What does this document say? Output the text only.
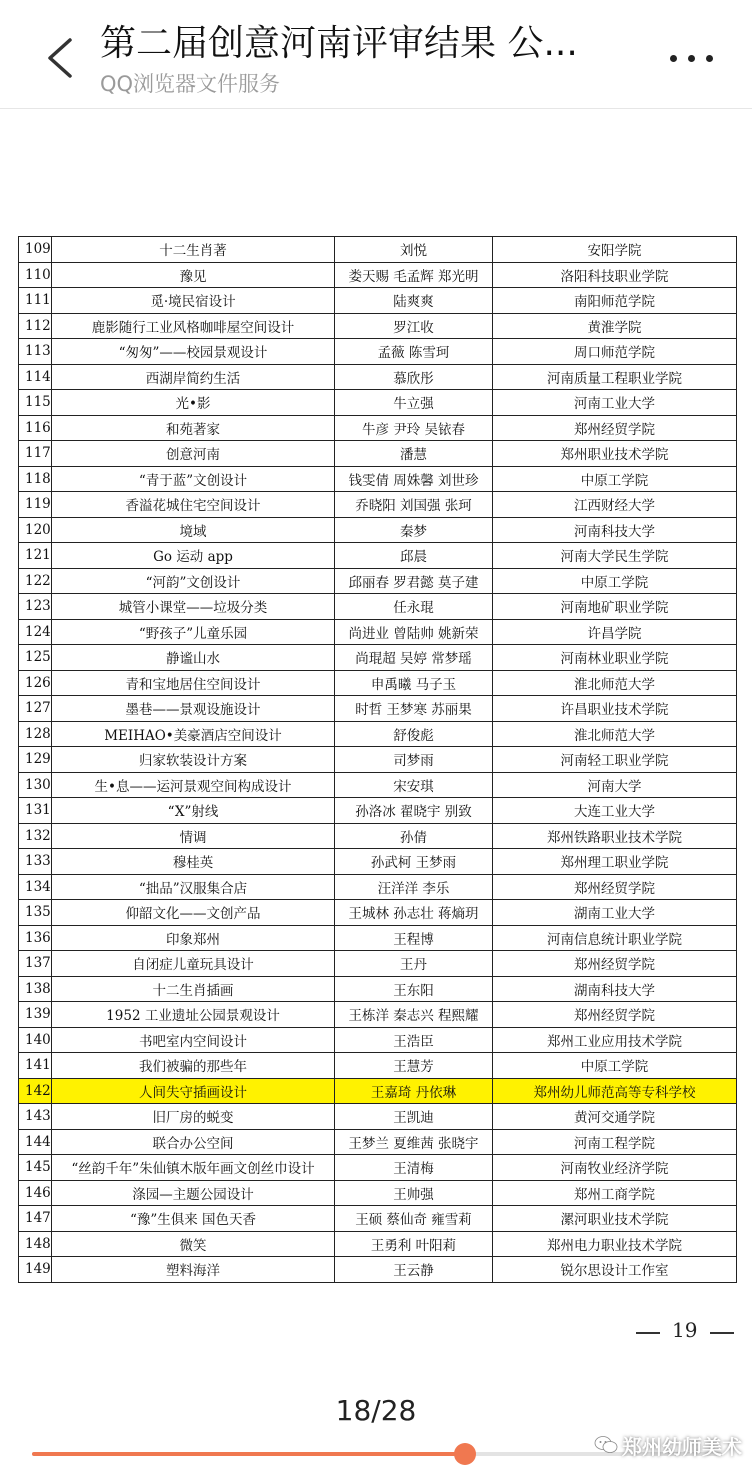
第二届创意河南评审结果 公...
QQ浏览器文件服务
109	十二生肖著	刘悦	安阳学院
110	豫见	娄天赐 毛孟辉 郑光明	洛阳科技职业学院
111	觅·境民宿设计	陆爽爽	南阳师范学院
112	鹿影随行工业风格咖啡屋空间设计	罗江收	黄淮学院
113	“匆匆”——校园景观设计	孟薇 陈雪珂	周口师范学院
114	西湖岸简约生活	慕欣彤	河南质量工程职业学院
115	光•影	牛立强	河南工业大学
116	和苑著家	牛彦 尹玲 吴铱春	郑州经贸学院
117	创意河南	潘慧	郑州职业技术学院
118	“青于蓝”文创设计	钱雯倩 周姝馨 刘世珍	中原工学院
119	香溢花城住宅空间设计	乔晓阳 刘国强 张珂	江西财经大学
120	境域	秦梦	河南科技大学
121	Go 运动 app	邱晨	河南大学民生学院
122	“河韵”文创设计	邱丽春 罗君懿 莫子建	中原工学院
123	城管小课堂——垃圾分类	任永琨	河南地矿职业学院
124	“野孩子”儿童乐园	尚进业 曾陆帅 姚新荣	许昌学院
125	静谧山水	尚琨超 吴婷 常梦瑶	河南林业职业学院
126	青和宝地居住空间设计	申禹曦 马子玉	淮北师范大学
127	墨巷——景观设施设计	时哲 王梦寒 苏丽果	许昌职业技术学院
128	MEIHAO•美豪酒店空间设计	舒俊彪	淮北师范大学
129	归家软装设计方案	司梦雨	河南轻工职业学院
130	生•息——运河景观空间构成设计	宋安琪	河南大学
131	“X”射线	孙洛冰 翟晓宇 别致	大连工业大学
132	情调	孙倩	郑州铁路职业技术学院
133	穆桂英	孙武柯 王梦雨	郑州理工职业学院
134	“拙品”汉服集合店	汪洋洋 李乐	郑州经贸学院
135	仰韶文化——文创产品	王城林 孙志壮 蒋熵玥	湖南工业大学
136	印象郑州	王程博	河南信息统计职业学院
137	自闭症儿童玩具设计	王丹	郑州经贸学院
138	十二生肖插画	王东阳	湖南科技大学
139	1952 工业遗址公园景观设计	王栋洋 秦志兴 程熙耀	郑州经贸学院
140	书吧室内空间设计	王浩臣	郑州工业应用技术学院
141	我们被骗的那些年	王慧芳	中原工学院
142	人间失守插画设计	王嘉琦 丹依琳	郑州幼儿师范高等专科学校
143	旧厂房的蜕变	王凯迪	黄河交通学院
144	联合办公空间	王梦兰 夏维茜 张晓宇	河南工程学院
145	“丝韵千年”朱仙镇木版年画文创丝巾设计	王清梅	河南牧业经济学院
146	涤园—主题公园设计	王帅强	郑州工商学院
147	“豫”生俱来 国色天香	王硕 蔡仙奇 雍雪莉	漯河职业技术学院
148	微笑	王勇利 叶阳莉	郑州电力职业技术学院
149	塑料海洋	王云静	锐尔思设计工作室
19
18/28
郑州幼师美术
